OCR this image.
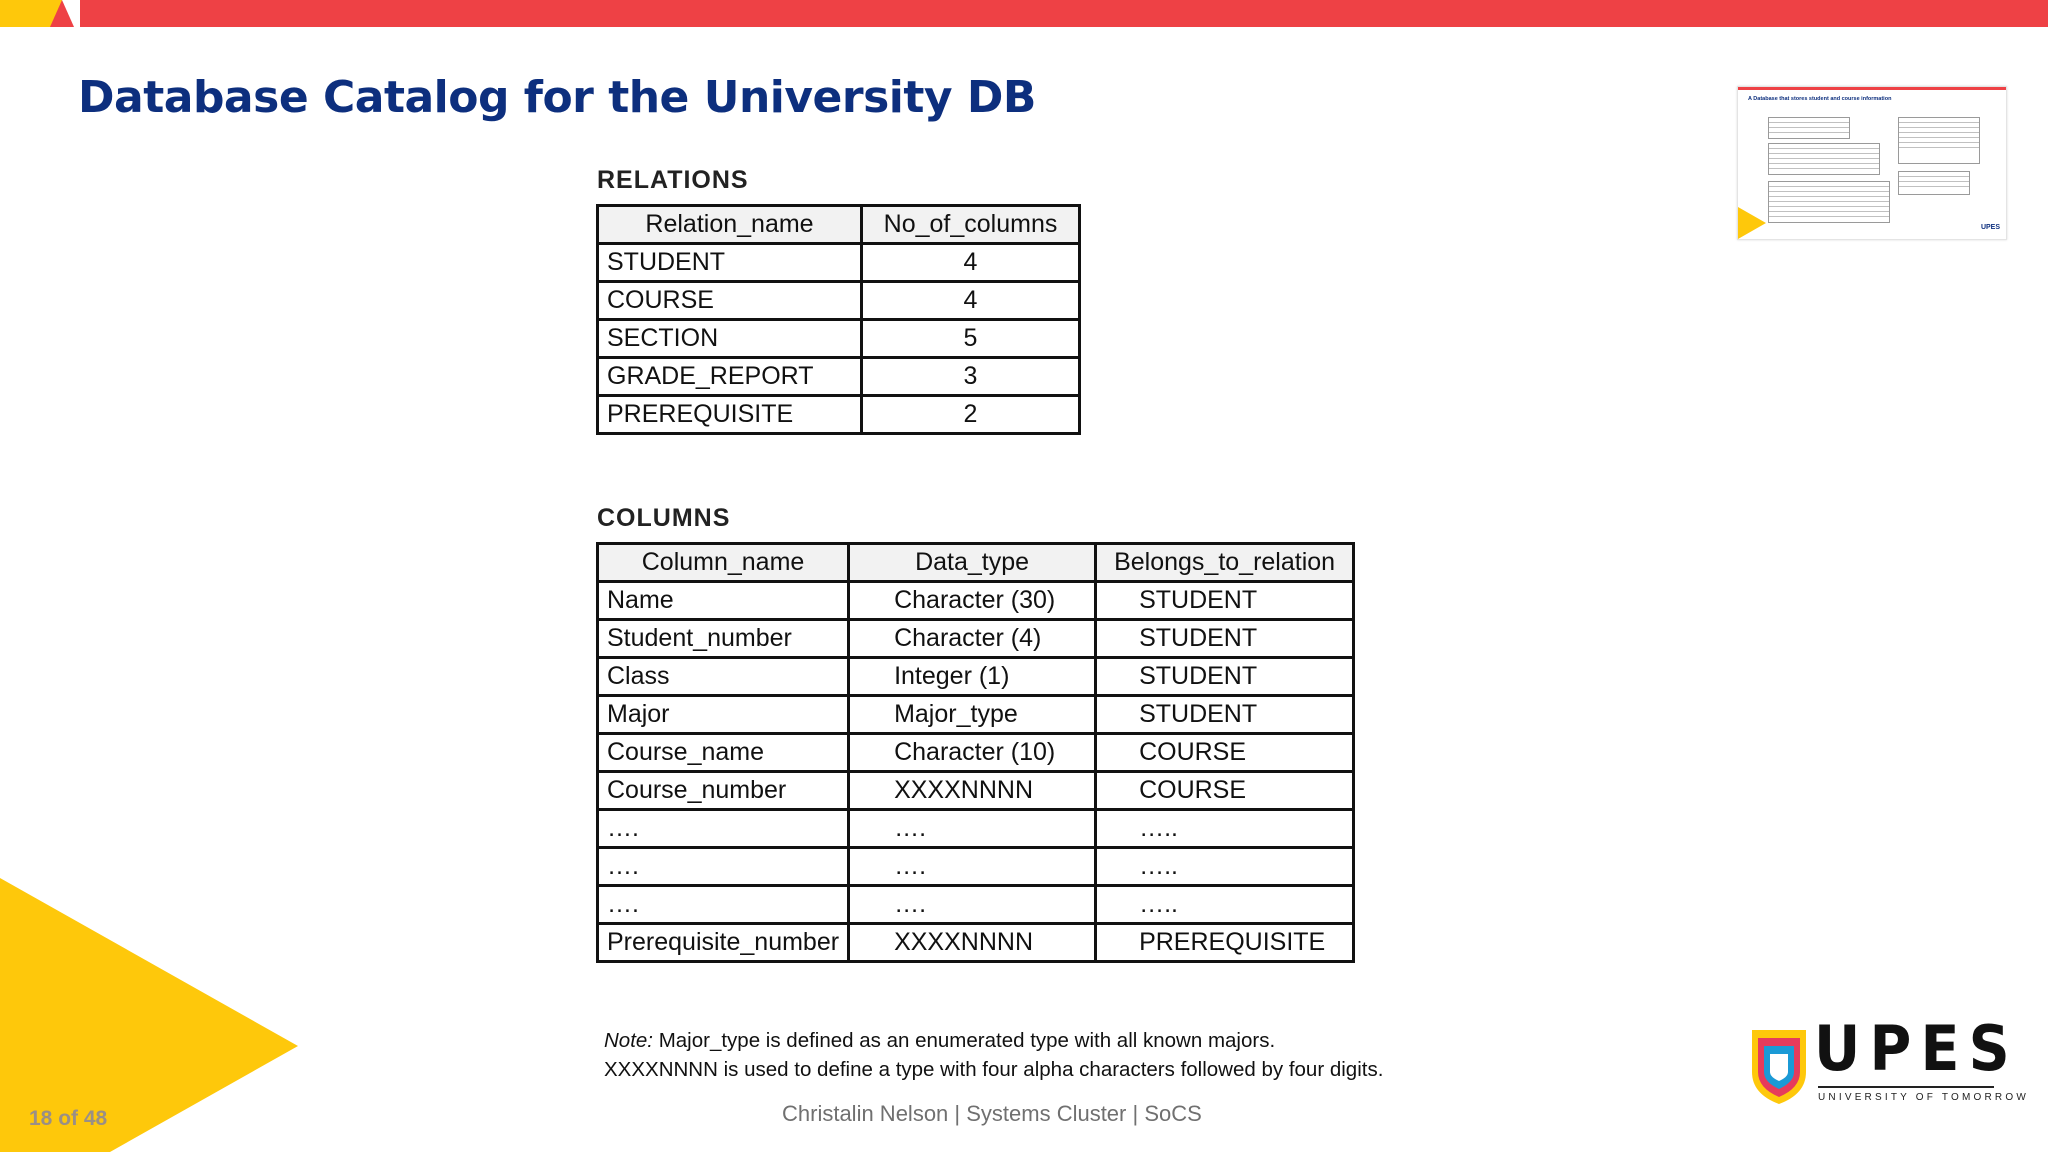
Database Catalog for the University DB	A Database that stores student and course information
UPES
RELATIONS
Relation_name	No_of_columns
STUDENT	4
COURSE	4
SECTION	5
GRADE_REPORT	3
PREREQUISITE	2
COLUMNS
Column_name	Data_type	Belongs_to_relation
Name	Character (30)	STUDENT
Student_number	Character (4)	STUDENT
Class	Integer (1)	STUDENT
Major	Major_type	STUDENT
Course_name	Character (10)	COURSE
Course_number	XXXXNNNN	COURSE
….	….	…..
….	….	…..
….	….	…..
Prerequisite_number	XXXXNNNN	PREREQUISITE
Note: Major_type is defined as an enumerated type with all known majors.
XXXXNNNN is used to define a type with four alpha characters followed by four digits.
18 of 48	Christalin Nelson | Systems Cluster | SoCS
UPES
UNIVERSITY OF TOMORROW
